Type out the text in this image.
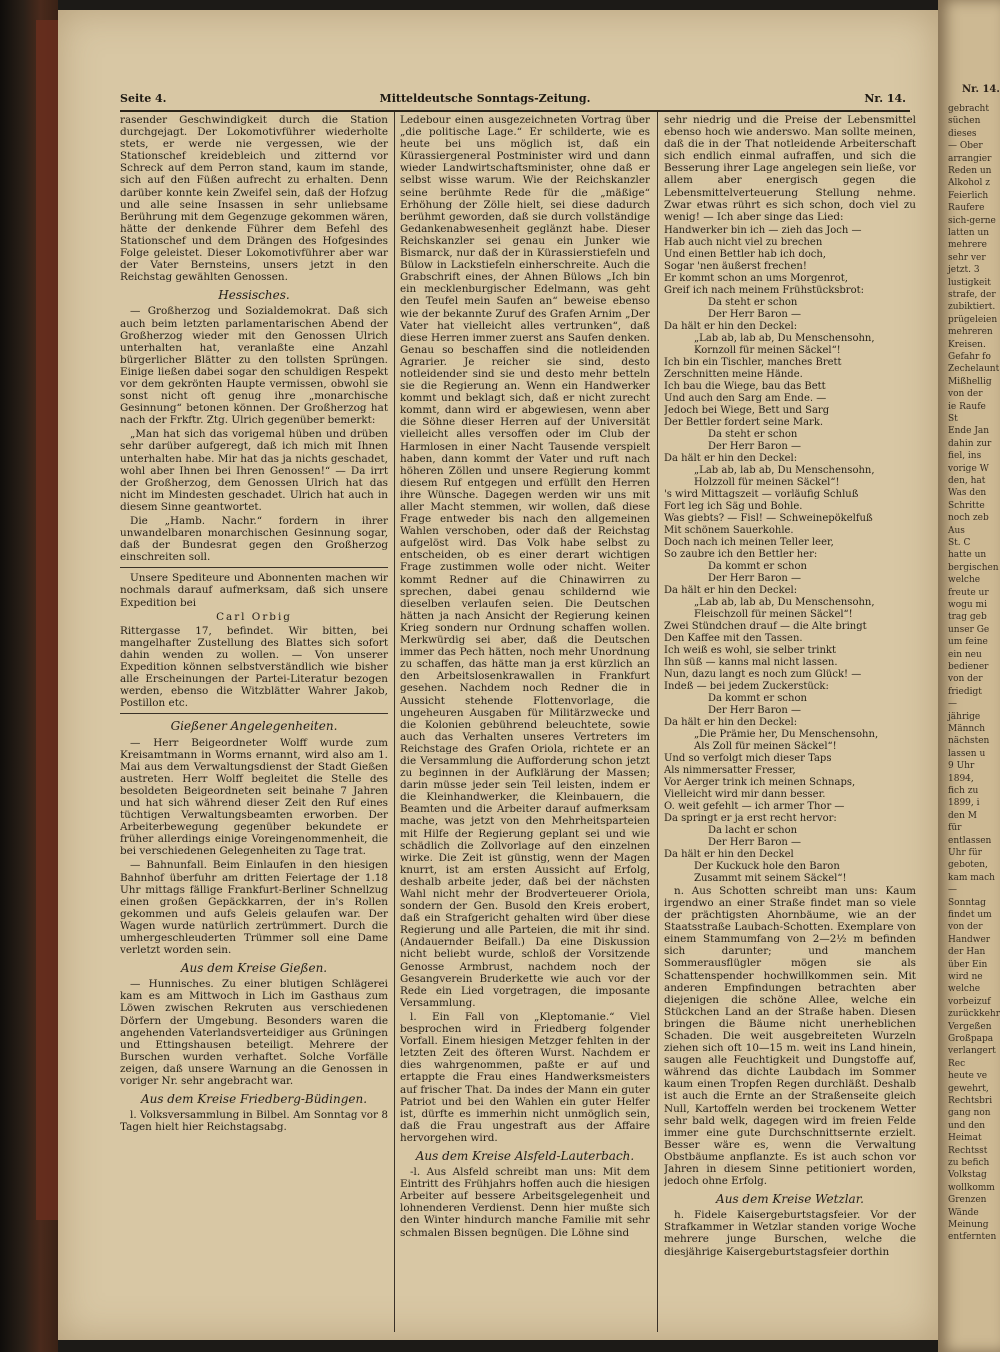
Seite 4.	Mitteldeutsche Sonntags-Zeitung.	Nr. 14.

rasender Geschwindigkeit durch die Station durchgejagt. Der Lokomotivführer wiederholte stets, er werde nie vergessen, wie der Stationschef kreidebleich und zitternd vor Schreck auf dem Perron stand, kaum im stande, sich auf den Füßen aufrecht zu erhalten. Denn darüber konnte kein Zweifel sein, daß der Hofzug und alle seine Insassen in sehr unliebsame Berührung mit dem Gegenzuge gekommen wären, hätte der denkende Führer dem Befehl des Stationschef und dem Drängen des Hofgesindes Folge geleistet. Dieser Lokomotivführer aber war der Vater Bernsteins, unsers jetzt in den Reichstag gewählten Genossen.

Hessisches.

— Großherzog und Sozialdemokrat. Daß sich auch beim letzten parlamentarischen Abend der Großherzog wieder mit den Genossen Ulrich unterhalten hat, veranlaßte eine Anzahl bürgerlicher Blätter zu den tollsten Sprüngen. Einige ließen dabei sogar den schuldigen Respekt vor dem gekrönten Haupte vermissen, obwohl sie sonst nicht oft genug ihre „monarchische Gesinnung“ betonen können. Der Großherzog hat nach der Frkftr. Ztg. Ulrich gegenüber bemerkt:

„Man hat sich das vorigemal hüben und drüben sehr darüber aufgeregt, daß ich mich mit Ihnen unterhalten habe. Mir hat das ja nichts geschadet, wohl aber Ihnen bei Ihren Genossen!“ — Da irrt der Großherzog, dem Genossen Ulrich hat das nicht im Mindesten geschadet. Ulrich hat auch in diesem Sinne geantwortet.

Die „Hamb. Nachr.“ fordern in ihrer unwandelbaren monarchischen Gesinnung sogar, daß der Bundesrat gegen den Großherzog einschreiten soll.

Unsere Spediteure und Abonnenten machen wir nochmals darauf aufmerksam, daß sich unsere Expedition bei

Carl Orbig

Rittergasse 17, befindet. Wir bitten, bei mangelhafter Zustellung des Blattes sich sofort dahin wenden zu wollen. — Von unserer Expedition können selbstverständlich wie bisher alle Erscheinungen der Partei-Literatur bezogen werden, ebenso die Witzblätter Wahrer Jakob, Postillon etc.

Gießener Angelegenheiten.

— Herr Beigeordneter Wolff wurde zum Kreisamtmann in Worms ernannt, wird also am 1. Mai aus dem Verwaltungsdienst der Stadt Gießen austreten. Herr Wolff begleitet die Stelle des besoldeten Beigeordneten seit beinahe 7 Jahren und hat sich während dieser Zeit den Ruf eines tüchtigen Verwaltungsbeamten erworben. Der Arbeiterbewegung gegenüber bekundete er früher allerdings einige Voreingenommenheit, die bei verschiedenen Gelegenheiten zu Tage trat.

— Bahnunfall. Beim Einlaufen in den hiesigen Bahnhof überfuhr am dritten Feiertage der 1.18 Uhr mittags fällige Frankfurt-Berliner Schnellzug einen großen Gepäckkarren, der in's Rollen gekommen und aufs Geleis gelaufen war. Der Wagen wurde natürlich zertrümmert. Durch die umhergeschleuderten Trümmer soll eine Dame verletzt worden sein.

Aus dem Kreise Gießen.

— Hunnisches. Zu einer blutigen Schlägerei kam es am Mittwoch in Lich im Gasthaus zum Löwen zwischen Rekruten aus verschiedenen Dörfern der Umgebung. Besonders waren die angehenden Vaterlandsverteidiger aus Grüningen und Ettingshausen beteiligt. Mehrere der Burschen wurden verhaftet. Solche Vorfälle zeigen, daß unsere Warnung an die Genossen in voriger Nr. sehr angebracht war.

Aus dem Kreise Friedberg-Büdingen.

l. Volksversammlung in Bilbel. Am Sonntag vor 8 Tagen hielt hier Reichstagsabg.

Ledebour einen ausgezeichneten Vortrag über „die politische Lage.“ Er schilderte, wie es heute bei uns möglich ist, daß ein Kürassiergeneral Postminister wird und dann wieder Landwirtschaftsminister, ohne daß er selbst wisse warum. Wie der Reichskanzler seine berühmte Rede für die „mäßige“ Erhöhung der Zölle hielt, sei diese dadurch berühmt geworden, daß sie durch vollständige Gedankenabwesenheit geglänzt habe. Dieser Reichskanzler sei genau ein Junker wie Bismarck, nur daß der in Kürassierstiefeln und Bülow in Lackstiefeln einherschreite. Auch die Grabschrift eines, der Ahnen Bülows „Ich bin ein mecklenburgischer Edelmann, was geht den Teufel mein Saufen an“ beweise ebenso wie der bekannte Zuruf des Grafen Arnim „Der Vater hat vielleicht alles vertrunken“, daß diese Herren immer zuerst ans Saufen denken. Genau so beschaffen sind die notleidenden Agrarier. Je reicher sie sind, desto notleidender sind sie und desto mehr betteln sie die Regierung an. Wenn ein Handwerker kommt und beklagt sich, daß er nicht zurecht kommt, dann wird er abgewiesen, wenn aber die Söhne dieser Herren auf der Universität vielleicht alles versoffen oder im Club der Harmlosen in einer Nacht Tausende verspielt haben, dann kommt der Vater und ruft nach höheren Zöllen und unsere Regierung kommt diesem Ruf entgegen und erfüllt den Herren ihre Wünsche. Dagegen werden wir uns mit aller Macht stemmen, wir wollen, daß diese Frage entweder bis nach den allgemeinen Wahlen verschoben, oder daß der Reichstag aufgelöst wird. Das Volk habe selbst zu entscheiden, ob es einer derart wichtigen Frage zustimmen wolle oder nicht. Weiter kommt Redner auf die Chinawirren zu sprechen, dabei genau schildernd wie dieselben verlaufen seien. Die Deutschen hätten ja nach Ansicht der Regierung keinen Krieg sondern nur Ordnung schaffen wollen. Merkwürdig sei aber, daß die Deutschen immer das Pech hätten, noch mehr Unordnung zu schaffen, das hätte man ja erst kürzlich an den Arbeitslosenkrawallen in Frankfurt gesehen. Nachdem noch Redner die in Aussicht stehende Flottenvorlage, die ungeheuren Ausgaben für Militärzwecke und die Kolonien gebührend beleuchtete, sowie auch das Verhalten unseres Vertreters im Reichstage des Grafen Oriola, richtete er an die Versammlung die Aufforderung schon jetzt zu beginnen in der Aufklärung der Massen; darin müsse jeder sein Teil leisten, indem er die Kleinhandwerker, die Kleinbauern, die Beamten und die Arbeiter darauf aufmerksam mache, was jetzt von den Mehrheitsparteien mit Hilfe der Regierung geplant sei und wie schädlich die Zollvorlage auf den einzelnen wirke. Die Zeit ist günstig, wenn der Magen knurrt, ist am ersten Aussicht auf Erfolg, deshalb arbeite jeder, daß bei der nächsten Wahl nicht mehr der Brodverteuerer Oriola, sondern der Gen. Busold den Kreis erobert, daß ein Strafgericht gehalten wird über diese Regierung und alle Parteien, die mit ihr sind. (Andauernder Beifall.) Da eine Diskussion nicht beliebt wurde, schloß der Vorsitzende Genosse Armbrust, nachdem noch der Gesangverein Bruderkette wie auch vor der Rede ein Lied vorgetragen, die imposante Versammlung.

l. Ein Fall von „Kleptomanie.“ Viel besprochen wird in Friedberg folgender Vorfall. Einem hiesigen Metzger fehlten in der letzten Zeit des öfteren Wurst. Nachdem er dies wahrgenommen, paßte er auf und ertappte die Frau eines Handwerksmeisters auf frischer That. Da indes der Mann ein guter Patriot und bei den Wahlen ein guter Helfer ist, dürfte es immerhin nicht unmöglich sein, daß die Frau ungestraft aus der Affaire hervorgehen wird.

Aus dem Kreise Alsfeld-Lauterbach.

-l. Aus Alsfeld schreibt man uns: Mit dem Eintritt des Frühjahrs hoffen auch die hiesigen Arbeiter auf bessere Arbeitsgelegenheit und lohnenderen Verdienst. Denn hier mußte sich den Winter hindurch manche Familie mit sehr schmalen Bissen begnügen. Die Löhne sind

sehr niedrig und die Preise der Lebensmittel ebenso hoch wie anderswo. Man sollte meinen, daß die in der That notleidende Arbeiterschaft sich endlich einmal aufraffen, und sich die Besserung ihrer Lage angelegen sein ließe, vor allem aber energisch gegen die Lebensmittelverteuerung Stellung nehme. Zwar etwas rührt es sich schon, doch viel zu wenig! — Ich aber singe das Lied:

Handwerker bin ich — zieh das Joch —

Hab auch nicht viel zu brechen

Und einen Bettler hab ich doch,

Sogar 'nen äußerst frechen!

Er kommt schon an ums Morgenrot,

Greif ich nach meinem Frühstücksbrot:

Da steht er schon

Der Herr Baron —

Da hält er hin den Deckel:

„Lab ab, lab ab, Du Menschensohn,

Kornzoll für meinen Säckel“!

Ich bin ein Tischler, manches Brett

Zerschnitten meine Hände.

Ich bau die Wiege, bau das Bett

Und auch den Sarg am Ende. —

Jedoch bei Wiege, Bett und Sarg

Der Bettler fordert seine Mark.

Da steht er schon

Der Herr Baron —

Da hält er hin den Deckel:

„Lab ab, lab ab, Du Menschensohn,

Holzzoll für meinen Säckel“!

's wird Mittagszeit — vorläufig Schluß

Fort leg ich Säg und Bohle.

Was giebts? — Fisl! — Schweinepökelfuß

Mit schönem Sauerkohle.

Doch nach ich meinen Teller leer,

So zaubre ich den Bettler her:

Da kommt er schon

Der Herr Baron —

Da hält er hin den Deckel:

„Lab ab, lab ab, Du Menschensohn,

Fleischzoll für meinen Säckel“!

Zwei Stündchen drauf — die Alte bringt

Den Kaffee mit den Tassen.

Ich weiß es wohl, sie selber trinkt

Ihn süß — kanns mal nicht lassen.

Nun, dazu langt es noch zum Glück! —

Indeß — bei jedem Zuckerstück:

Da kommt er schon

Der Herr Baron —

Da hält er hin den Deckel:

„Die Prämie her, Du Menschensohn,

Als Zoll für meinen Säckel“!

Und so verfolgt mich dieser Taps

Als nimmersatter Fresser,

Vor Aerger trink ich meinen Schnaps,

Vielleicht wird mir dann besser.

O. weit gefehlt — ich armer Thor —

Da springt er ja erst recht hervor:

Da lacht er schon

Der Herr Baron —

Da hält er hin den Deckel

Der Kuckuck hole den Baron

Zusammt mit seinem Säckel“!

n. Aus Schotten schreibt man uns: Kaum irgendwo an einer Straße findet man so viele der prächtigsten Ahornbäume, wie an der Staatsstraße Laubach-Schotten. Exemplare von einem Stammumfang von 2—2½ m befinden sich darunter; und manchem Sommerausflügler mögen sie als Schattenspender hochwillkommen sein. Mit anderen Empfindungen betrachten aber diejenigen die schöne Allee, welche ein Stückchen Land an der Straße haben. Diesen bringen die Bäume nicht unerheblichen Schaden. Die weit ausgebreiteten Wurzeln ziehen sich oft 10—15 m. weit ins Land hinein, saugen alle Feuchtigkeit und Dungstoffe auf, während das dichte Laubdach im Sommer kaum einen Tropfen Regen durchläßt. Deshalb ist auch die Ernte an der Straßenseite gleich Null, Kartoffeln werden bei trockenem Wetter sehr bald welk, dagegen wird im freien Felde immer eine gute Durchschnittsernte erzielt. Besser wäre es, wenn die Verwaltung Obstbäume anpflanzte. Es ist auch schon vor Jahren in diesem Sinne petitioniert worden, jedoch ohne Erfolg.

Aus dem Kreise Wetzlar.

h. Fidele Kaisergeburtstagsfeier. Vor der Strafkammer in Wetzlar standen vorige Woche mehrere junge Burschen, welche die diesjährige Kaisergeburtstagsfeier dorthin

Nr. 14.
gebracht
süchen
dieses
— Ober
arrangier
Reden un
Alkohol z
Feierlich
Raufere
sich-gerne
latten un
mehrere
sehr ver
jetzt. 3
lustigkeit
strafe, der
zubiktiert.
prügeleien
mehreren
Kreisen.
Gefahr fo
Zechelaunt
Mißhellig
von der
ie Raufe
St
Ende Jan
dahin zur
fiel, ins
vorige W
den, hat
Was den
Schritte
noch zeb
Aus
St. C
hatte un
bergischen
welche
freute ur
wogu mi
trag geb
unser Ge
um feine
ein neu
bediener
von der
friedigt
—
jährige
Männch
nächsten
lassen u
9 Uhr
1894,
fich zu
1899, i
den M
für
entlassen
Uhr für
geboten,
kam mach
—
Sonntag
findet um
von der
Handwer
der Han
über Ein
wird ne
welche
vorbeizuf
zurückkehr
Vergeßen
Großpapa
verlangert
Rec
heute ve
gewehrt,
Rechtsbri
gang non
und den
Heimat
Rechtsst
zu befich
Volkstag
wollkomm
Grenzen
Wände
Meinung
entfernten
